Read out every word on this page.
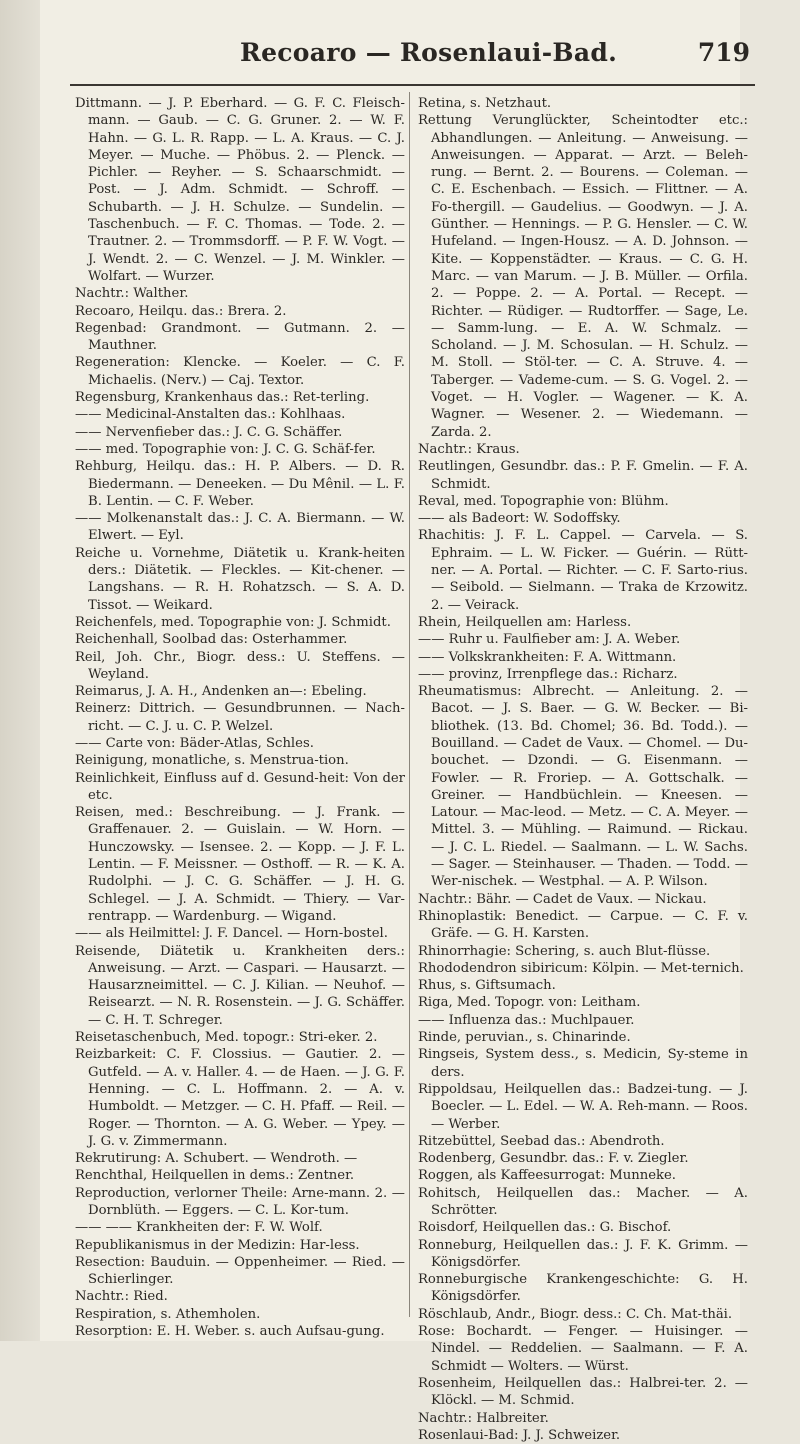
Recoaro — Rosenlaui-Bad.	719

Dittmann. — J. P. Eberhard. — G. F. C. Fleisch-mann. — Gaub. — C. G. Gruner. 2. — W. F. Hahn. — G. L. R. Rapp. — L. A. Kraus. — C. J. Meyer. — Muche. — Phöbus. 2. — Plenck. — Pichler. — Reyher. — S. Schaarschmidt. — Post. — J. Adm. Schmidt. — Schroff. — Schubarth. — J. H. Schulze. — Sundelin. — Taschenbuch. — F. C. Thomas. — Tode. 2. — Trautner. 2. — Trommsdorff. — P. F. W. Vogt. — J. Wendt. 2. — C. Wenzel. — J. M. Winkler. — Wolfart. — Wurzer.

Nachtr.: Walther.

Recoaro, Heilqu. das.: Brera. 2.

Regenbad: Grandmont. — Gutmann. 2. — Mauthner.

Regeneration: Klencke. — Koeler. — C. F. Michaelis. (Nerv.) — Caj. Textor.

Regensburg, Krankenhaus das.: Ret-terling.

—— Medicinal-Anstalten das.: Kohlhaas.

—— Nervenfieber das.: J. C. G. Schäffer.

—— med. Topographie von: J. C. G. Schäf-fer.

Rehburg, Heilqu. das.: H. P. Albers. — D. R. Biedermann. — Deneeken. — Du Mênil. — L. F. B. Lentin. — C. F. Weber.

—— Molkenanstalt das.: J. C. A. Biermann. — W. Elwert. — Eyl.

Reiche u. Vornehme, Diätetik u. Krank-heiten ders.: Diätetik. — Fleckles. — Kit-chener. — Langshans. — R. H. Rohatzsch. — S. A. D. Tissot. — Weikard.

Reichenfels, med. Topographie von: J. Schmidt.

Reichenhall, Soolbad das: Osterhammer.

Reil, Joh. Chr., Biogr. dess.: U. Steffens. — Weyland.

Reimarus, J. A. H., Andenken an—: Ebeling.

Reinerz: Dittrich. — Gesundbrunnen. — Nach-richt. — C. J. u. C. P. Welzel.

—— Carte von: Bäder-Atlas, Schles.

Reinigung, monatliche, s. Menstrua-tion.

Reinlichkeit, Einfluss auf d. Gesund-heit: Von der etc.

Reisen, med.: Beschreibung. — J. Frank. — Graffenauer. 2. — Guislain. — W. Horn. — Hunczowsky. — Isensee. 2. — Kopp. — J. F. L. Lentin. — F. Meissner. — Osthoff. — R. — K. A. Rudolphi. — J. C. G. Schäffer. — J. H. G. Schlegel. — J. A. Schmidt. — Thiery. — Var-rentrapp. — Wardenburg. — Wigand.

—— als Heilmittel: J. F. Dancel. — Horn-bostel.

Reisende, Diätetik u. Krankheiten ders.: Anweisung. — Arzt. — Caspari. — Hausarzt. — Hausarzneimittel. — C. J. Kilian. — Neuhof. — Reisearzt. — N. R. Rosenstein. — J. G. Schäffer. — C. H. T. Schreger.

Reisetaschenbuch, Med. topogr.: Stri-eker. 2.

Reizbarkeit: C. F. Clossius. — Gautier. 2. — Gutfeld. — A. v. Haller. 4. — de Haen. — J. G. F. Henning. — C. L. Hoffmann. 2. — A. v. Humboldt. — Metzger. — C. H. Pfaff. — Reil. — Roger. — Thornton. — A. G. Weber. — Ypey. — J. G. v. Zimmermann.

Rekrutirung: A. Schubert. — Wendroth. —

Renchthal, Heilquellen in dems.: Zentner.

Reproduction, verlorner Theile: Arne-mann. 2. — Dornblüth. — Eggers. — C. L. Kor-tum.

—— —— Krankheiten der: F. W. Wolf.

Republikanismus in der Medizin: Har-less.

Resection: Bauduin. — Oppenheimer. — Ried. — Schierlinger.

Nachtr.: Ried.

Respiration, s. Athemholen.

Resorption: E. H. Weber. s. auch Aufsau-gung.

Retina, s. Netzhaut.

Rettung Verunglückter, Scheintodter etc.: Abhandlungen. — Anleitung. — Anweisung. — Anweisungen. — Apparat. — Arzt. — Beleh-rung. — Bernt. 2. — Bourens. — Coleman. — C. E. Eschenbach. — Essich. — Flittner. — A. Fo-thergill. — Gaudelius. — Goodwyn. — J. A. Günther. — Hennings. — P. G. Hensler. — C. W. Hufeland. — Ingen-Housz. — A. D. Johnson. — Kite. — Koppenstädter. — Kraus. — C. G. H. Marc. — van Marum. — J. B. Müller. — Orfila. 2. — Poppe. 2. — A. Portal. — Recept. — Richter. — Rüdiger. — Rudtorffer. — Sage, Le. — Samm-lung. — E. A. W. Schmalz. — Scholand. — J. M. Schosulan. — H. Schulz. — M. Stoll. — Stöl-ter. — C. A. Struve. 4. — Taberger. — Vademe-cum. — S. G. Vogel. 2. — Voget. — H. Vogler. — Wagener. — K. A. Wagner. — Wesener. 2. — Wiedemann. — Zarda. 2.

Nachtr.: Kraus.

Reutlingen, Gesundbr. das.: P. F. Gmelin. — F. A. Schmidt.

Reval, med. Topographie von: Blühm.

—— als Badeort: W. Sodoffsky.

Rhachitis: J. F. L. Cappel. — Carvela. — S. Ephraim. — L. W. Ficker. — Guérin. — Rütt-ner. — A. Portal. — Richter. — C. F. Sarto-rius. — Seibold. — Sielmann. — Traka de Krzowitz. 2. — Veirack.

Rhein, Heilquellen am: Harless.

—— Ruhr u. Faulfieber am: J. A. Weber.

—— Volkskrankheiten: F. A. Wittmann.

—— provinz, Irrenpflege das.: Richarz.

Rheumatismus: Albrecht. — Anleitung. 2. — Bacot. — J. S. Baer. — G. W. Becker. — Bi-bliothek. (13. Bd. Chomel; 36. Bd. Todd.). — Bouilland. — Cadet de Vaux. — Chomel. — Du-bouchet. — Dzondi. — G. Eisenmann. — Fowler. — R. Froriep. — A. Gottschalk. — Greiner. — Handbüchlein. — Kneesen. — Latour. — Mac-leod. — Metz. — C. A. Meyer. — Mittel. 3. — Mühling. — Raimund. — Rickau. — J. C. L. Riedel. — Saalmann. — L. W. Sachs. — Sager. — Steinhauser. — Thaden. — Todd. — Wer-nischek. — Westphal. — A. P. Wilson.

Nachtr.: Bähr. — Cadet de Vaux. — Nickau.

Rhinoplastik: Benedict. — Carpue. — C. F. v. Gräfe. — G. H. Karsten.

Rhinorrhagie: Schering, s. auch Blut-flüsse.

Rhododendron sibiricum: Kölpin. — Met-ternich.

Rhus, s. Giftsumach.

Riga, Med. Topogr. von: Leitham.

—— Influenza das.: Muchlpauer.

Rinde, peruvian., s. Chinarinde.

Ringseis, System dess., s. Medicin, Sy-steme in ders.

Rippoldsau, Heilquellen das.: Badzei-tung. — J. Boecler. — L. Edel. — W. A. Reh-mann. — Roos. — Werber.

Ritzebüttel, Seebad das.: Abendroth.

Rodenberg, Gesundbr. das.: F. v. Ziegler.

Roggen, als Kaffeesurrogat: Munneke.

Rohitsch, Heilquellen das.: Macher. — A. Schrötter.

Roisdorf, Heilquellen das.: G. Bischof.

Ronneburg, Heilquellen das.: J. F. K. Grimm. — Königsdörfer.

Ronneburgische Krankengeschichte: G. H. Königsdörfer.

Röschlaub, Andr., Biogr. dess.: C. Ch. Mat-thäi.

Rose: Bochardt. — Fenger. — Huisinger. — Nindel. — Reddelien. — Saalmann. — F. A. Schmidt — Wolters. — Würst.

Rosenheim, Heilquellen das.: Halbrei-ter. 2. — Klöckl. — M. Schmid.

Nachtr.: Halbreiter.

Rosenlaui-Bad: J. J. Schweizer.
